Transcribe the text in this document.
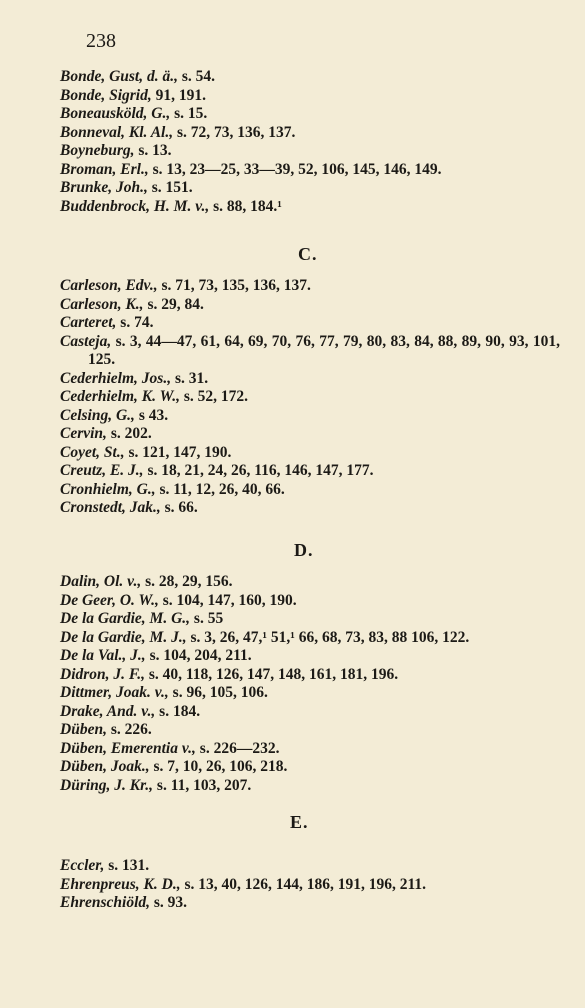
238
Bonde, Gust, d. ä., s. 54.
Bonde, Sigrid, 91, 191.
Boneausköld, G., s. 15.
Bonneval, Kl. Al., s. 72, 73, 136, 137.
Boyneburg, s. 13.
Broman, Erl., s. 13, 23—25, 33—39, 52, 106, 145, 146, 149.
Brunke, Joh., s. 151.
Buddenbrock, H. M. v., s. 88, 184.¹
C.
Carleson, Edv., s. 71, 73, 135, 136, 137.
Carleson, K., s. 29, 84.
Carteret, s. 74.
Casteja, s. 3, 44—47, 61, 64, 69, 70, 76, 77, 79, 80, 83, 84, 88, 89, 90, 93, 101, 125.
Cederhielm, Jos., s. 31.
Cederhielm, K. W., s. 52, 172.
Celsing, G., s 43.
Cervin, s. 202.
Coyet, St., s. 121, 147, 190.
Creutz, E. J., s. 18, 21, 24, 26, 116, 146, 147, 177.
Cronhielm, G., s. 11, 12, 26, 40, 66.
Cronstedt, Jak., s. 66.
D.
Dalin, Ol. v., s. 28, 29, 156.
De Geer, O. W., s. 104, 147, 160, 190.
De la Gardie, M. G., s. 55
De la Gardie, M. J., s. 3, 26, 47,¹ 51,¹ 66, 68, 73, 83, 88 106, 122.
De la Val., J., s. 104, 204, 211.
Didron, J. F., s. 40, 118, 126, 147, 148, 161, 181, 196.
Dittmer, Joak. v., s. 96, 105, 106.
Drake, And. v., s. 184.
Düben, s. 226.
Düben, Emerentia v., s. 226—232.
Düben, Joak., s. 7, 10, 26, 106, 218.
Düring, J. Kr., s. 11, 103, 207.
E.
Eccler, s. 131.
Ehrenpreus, K. D., s. 13, 40, 126, 144, 186, 191, 196, 211.
Ehrenschiöld, s. 93.
